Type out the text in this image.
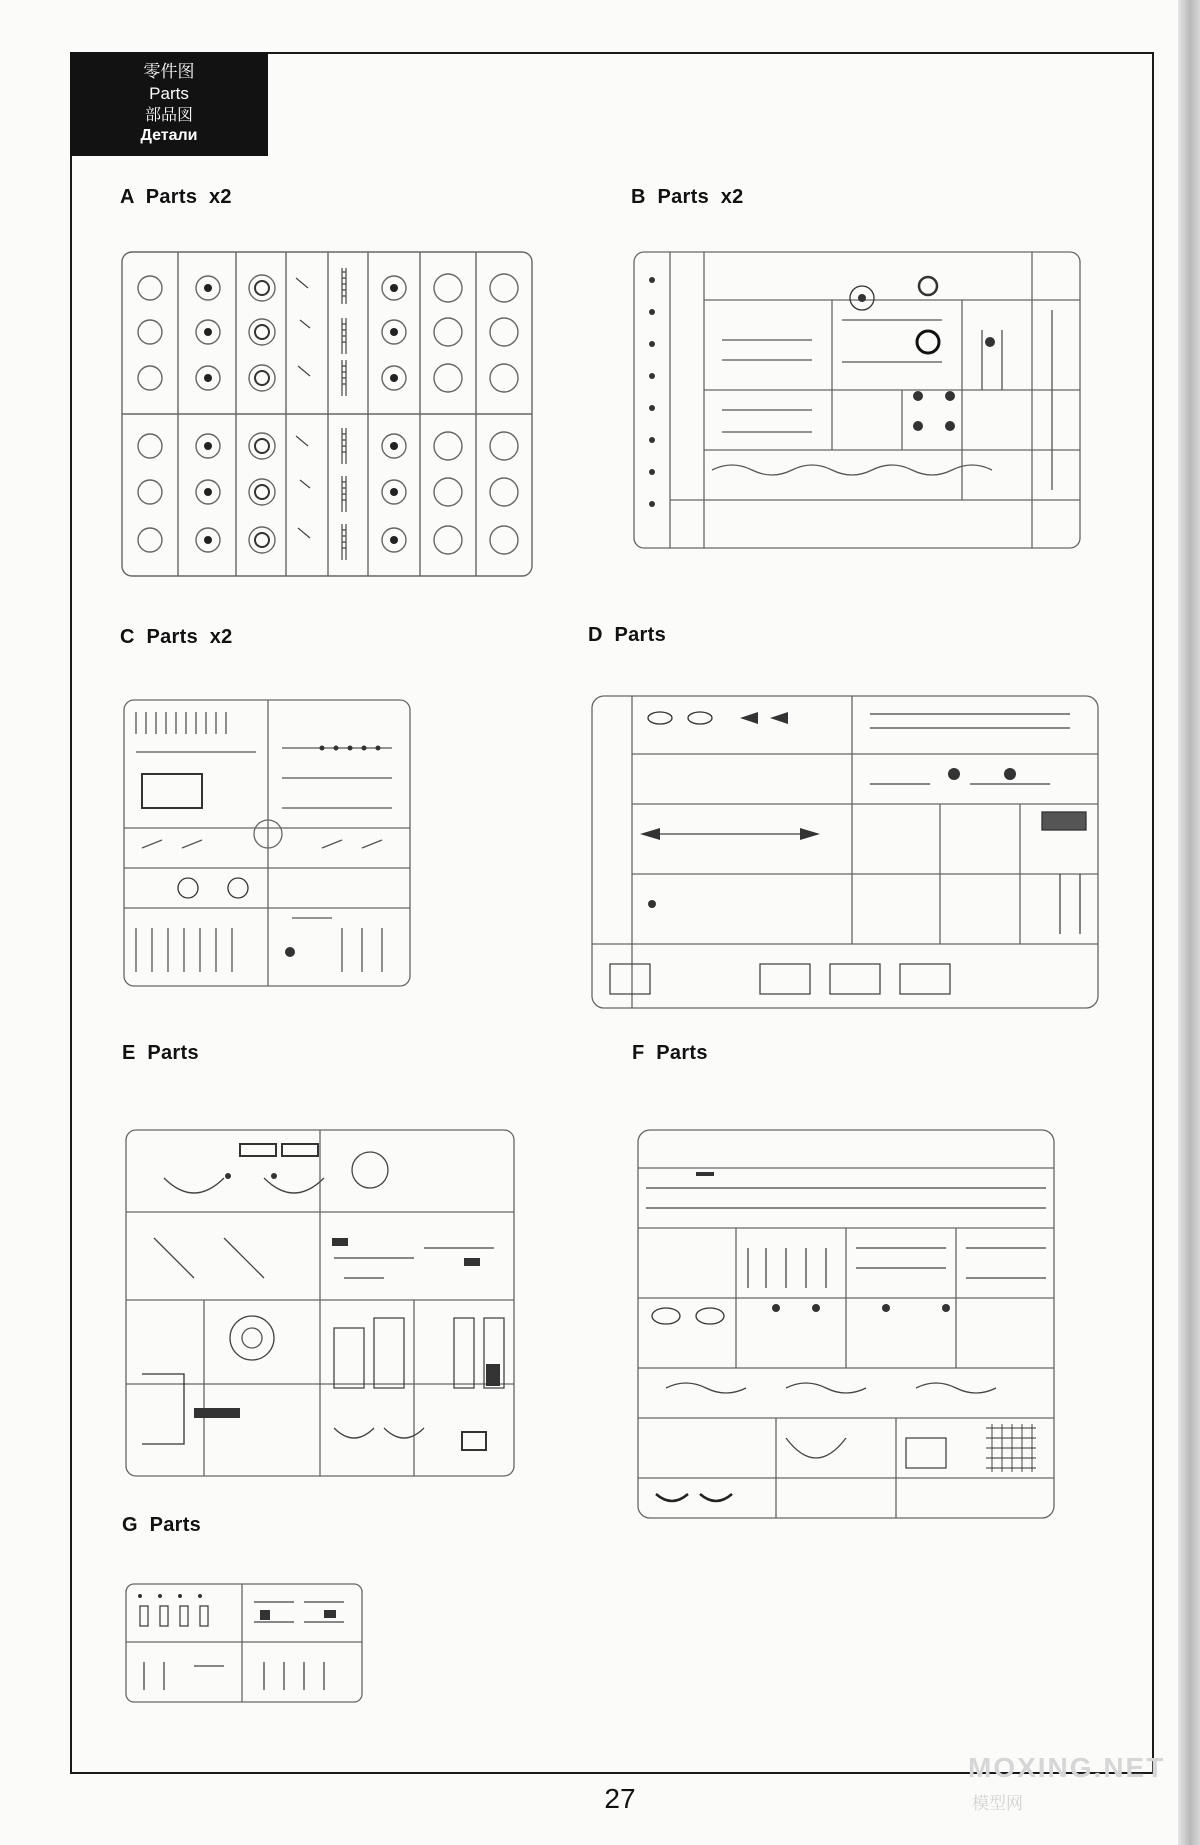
零件图
Parts
部品図
Детали
A Parts x2	B Parts x2
C Parts x2	D Parts
E Parts	F Parts
G Parts
27
MOXING.NET
模型网
